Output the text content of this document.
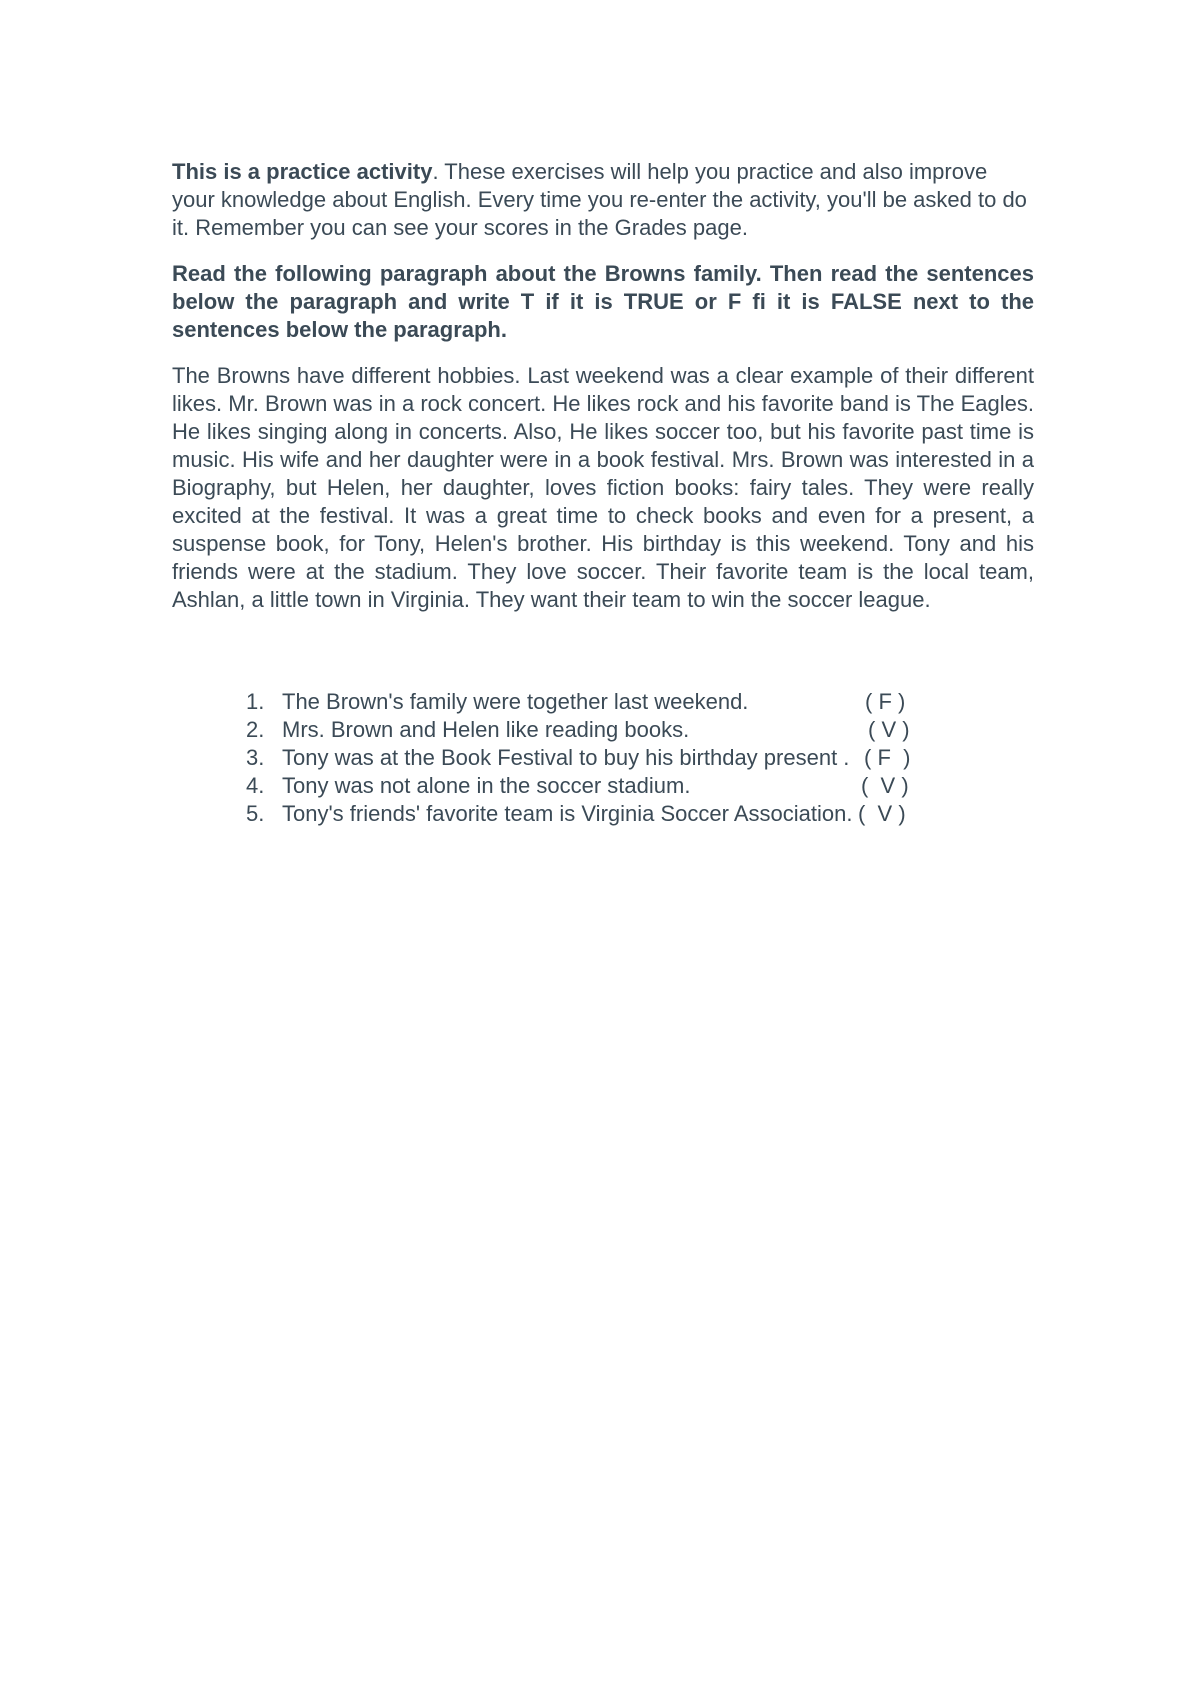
This is a practice activity. These exercises will help you practice and also improve your knowledge about English. Every time you re-enter the activity, you'll be asked to do it. Remember you can see your scores in the Grades page.

Read the following paragraph about the Browns family. Then read the sentences below the paragraph and write T if it is TRUE or F fi it is FALSE next to the sentences below the paragraph.

The Browns have different hobbies. Last weekend was a clear example of their different likes. Mr. Brown was in a rock concert. He likes rock and his favorite band is The Eagles. He likes singing along in concerts. Also, He likes soccer too, but his favorite past time is music. His wife and her daughter were in a book festival. Mrs. Brown was interested in a Biography, but Helen, her daughter, loves fiction books: fairy tales. They were really excited at the festival. It was a great time to check books and even for a present, a suspense book, for Tony, Helen's brother. His birthday is this weekend. Tony and his friends were at the stadium. They love soccer. Their favorite team is the local team, Ashlan, a little town in Virginia. They want their team to win the soccer league.

1. The Brown's family were together last weekend.	( F )
2. Mrs. Brown and Helen like reading books.	( V )
3. Tony was at the Book Festival to buy his birthday present . ( F  )
4. Tony was not alone in the soccer stadium.	(  V )
5. Tony's friends' favorite team is Virginia Soccer Association. (  V )
